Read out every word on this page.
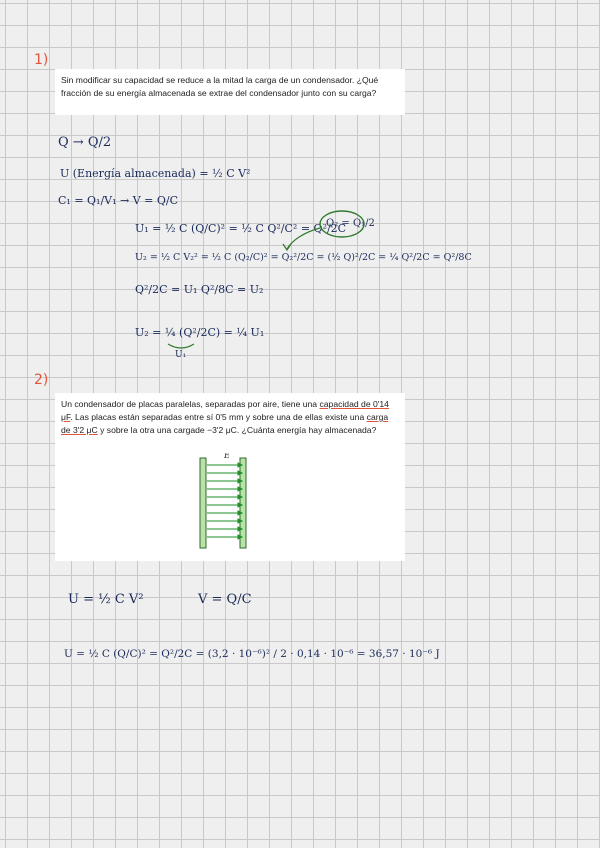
1)
Sin modificar su capacidad se reduce a la mitad la carga de un condensador. ¿Qué fracción de su energía almacenada se extrae del condensador junto con su carga?
Q → Q/2
U (Energía almacenada) = ½ C V²
C₁ = Q₁/V₁ → V = Q/C
U₁ = ½ C (Q/C)² = ½ C Q²/C² = Q²/2C
U₂ = ½ C V₂² = ½ C (Q₂/C)² = Q₂²/2C = (½ Q)²/2C = ¼ Q²/2C = Q²/8C
Q₂ = Q₁/2
Q²/2C = U₁ Q²/8C = U₂
U₂ = ¼ (Q²/2C) = ¼ U₁
U₁
2)
Un condensador de placas paralelas, separadas por aire, tiene una capacidad de 0'14 μF. Las placas están separadas entre sí 0'5 mm y sobre una de ellas existe una carga de 3'2 μC y sobre la otra una cargade −3'2 μC. ¿Cuánta energía hay almacenada?
E
U = ½ C V²	V = Q/C
U = ½ C (Q/C)² = Q²/2C = (3,2 · 10⁻⁶)² / 2 · 0,14 · 10⁻⁶ = 36,57 · 10⁻⁶ J
